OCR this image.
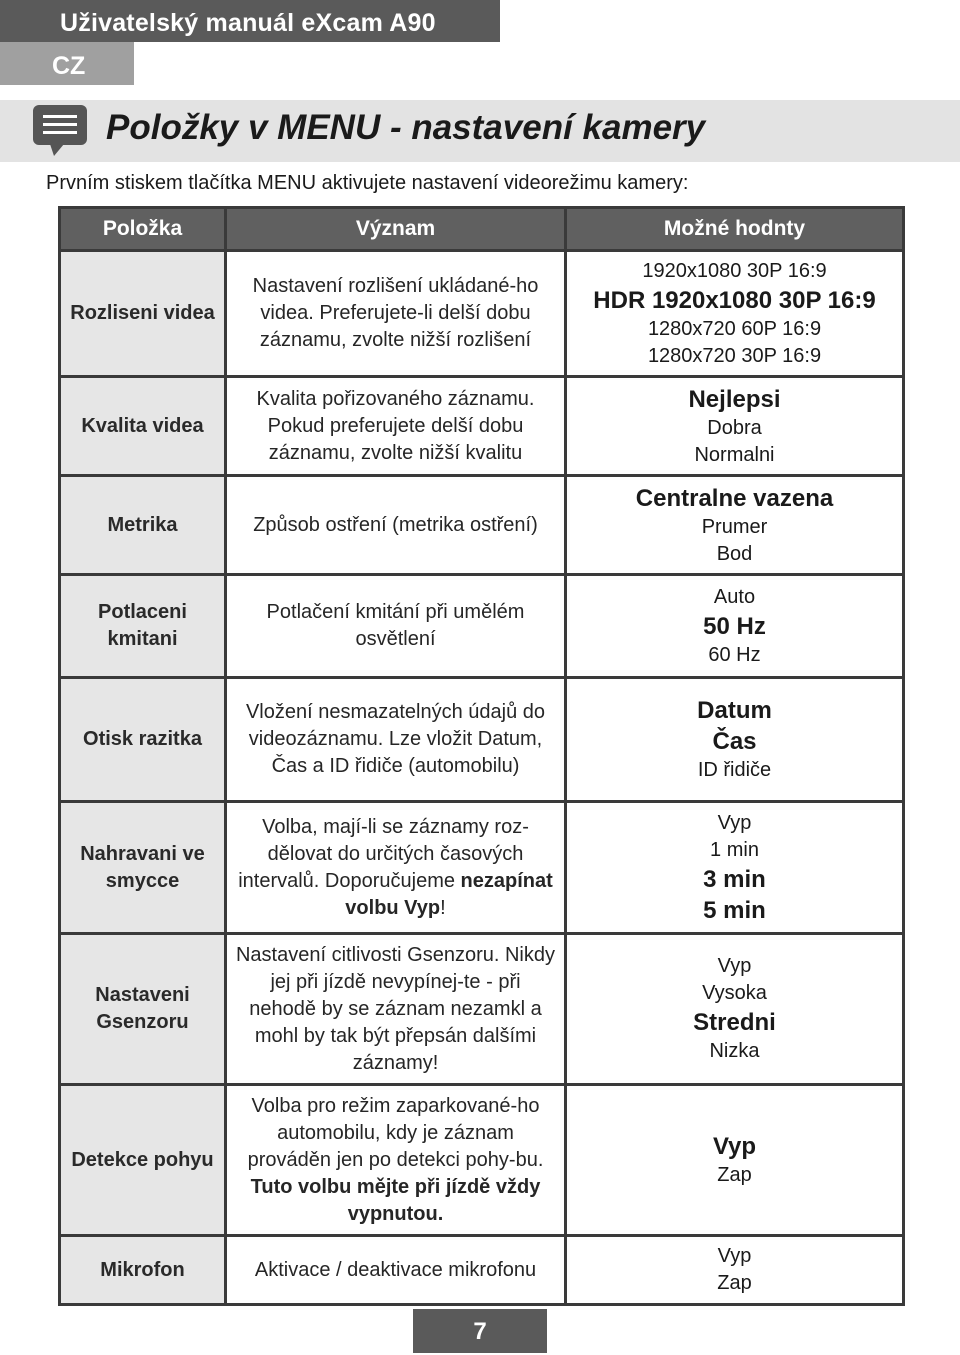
Uživatelský manuál eXcam A90
CZ
Položky v MENU - nastavení kamery
Prvním stiskem tlačítka MENU aktivujete nastavení videorežimu kamery:
Položka	Význam	Možné hodnty
Rozliseni videa	Nastavení rozlišení ukládané-ho videa. Preferujete-li delší dobu záznamu, zvolte nižší rozlišení	1920x1080 30P 16:9
HDR 1920x1080 30P 16:9
1280x720 60P 16:9
1280x720 30P 16:9

Kvalita videa	Kvalita pořizovaného záznamu. Pokud preferujete delší dobu záznamu, zvolte nižší kvalitu	Nejlepsi
Dobra
Normalni

Metrika	Způsob ostření (metrika ostření)	Centralne vazena
Prumer
Bod

Potlaceni kmitani	Potlačení kmitání při umělém osvětlení	Auto
50 Hz
60 Hz

Otisk razitka	Vložení nesmazatelných údajů do videozáznamu. Lze vložit Datum, Čas a ID řidiče (automobilu)	Datum
Čas
ID řidiče

Nahravani ve smycce	Volba, mají-li se záznamy roz-dělovat do určitých časových intervalů. Doporučujeme nezapínat volbu Vyp!	Vyp
1 min
3 min
5 min

Nastaveni Gsenzoru	Nastavení citlivosti Gsenzoru. Nikdy jej při jízdě nevypínej-te - při nehodě by se záznam nezamkl a mohl by tak být přepsán dalšími záznamy!	Vyp
Vysoka
Stredni
Nizka

Detekce pohyu	Volba pro režim zaparkované-ho automobilu, kdy je záznam prováděn jen po detekci pohy-bu. Tuto volbu mějte při jízdě vždy vypnutou.	Vyp
Zap

Mikrofon	Aktivace / deaktivace mikrofonu	Vyp
Zap
7
